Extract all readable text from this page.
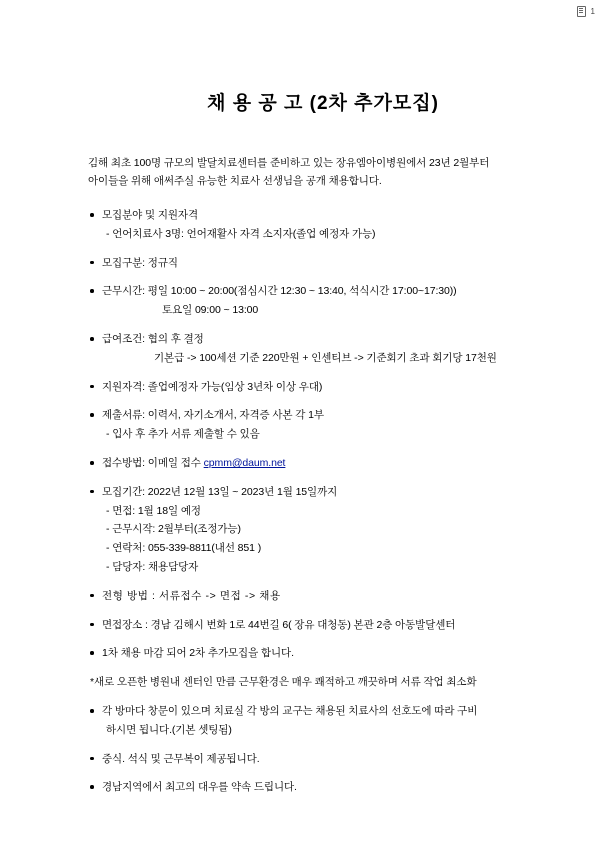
1
채 용 공 고 (2차 추가모집)
김해 최초 100명 규모의 발달치료센터를 준비하고 있는 장유엠아이병원에서 23년 2월부터
아이들을 위해 애써주실 유능한 치료사 선생님을 공개 채용합니다.
모집분야 및 지원자격
- 언어치료사 3명: 언어재활사 자격 소지자(졸업 예정자 가능)
모집구분: 정규직
근무시간: 평일 10:00 ~ 20:00(점심시간 12:30 ~ 13:40, 석식시간 17:00~17:30))
토요일 09:00 ~ 13:00
급여조건: 협의 후 결정
기본급 -> 100세션 기준 220만원 + 인센티브 -> 기준회기 초과 회기당 17천원
지원자격: 졸업예정자 가능(임상 3년차 이상 우대)
제출서류: 이력서, 자기소개서, 자격증 사본 각 1부
- 입사 후 추가 서류 제출할 수 있음
접수방법: 이메일 접수 cpmm@daum.net
모집기간: 2022년 12월 13일 ~ 2023년 1월 15일까지
- 면접: 1월 18일 예정
- 근무시작: 2월부터(조정가능)
- 연락처: 055-339-8811(내선 851 )
- 담당자: 채용담당자
전형 방법 : 서류접수 -> 면접 -> 채용
면접장소 : 경남 김해시 번화 1로 44번길 6( 장유 대청동) 본관 2층 아동발달센터
1차 채용 마감 되어 2차 추가모집을 합니다.
*새로 오픈한 병원내 센터인 만큼 근무환경은 매우 쾌적하고 깨끗하며 서류 작업 최소화
각 방마다 창문이 있으며 치료실 각 방의 교구는 채용된 치료사의 선호도에 따라 구비
하시면 됩니다.(기본 셋팅됨)
중식. 석식 및 근무복이 제공됩니다.
경남지역에서 최고의 대우를 약속 드립니다.
